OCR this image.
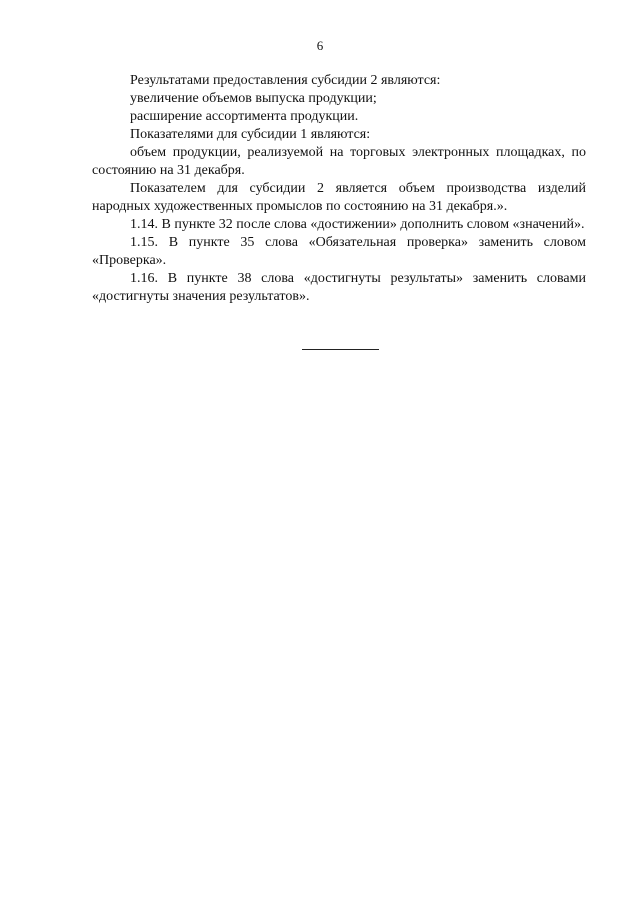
6

Результатами предоставления субсидии 2 являются:

увеличение объемов выпуска продукции;

расширение ассортимента продукции.

Показателями для субсидии 1 являются:

объем продукции, реализуемой на торговых электронных площадках, по состоянию на 31 декабря.

Показателем для субсидии 2 является объем производства изделий народных художественных промыслов по состоянию на 31 декабря.».

1.14. В пункте 32 после слова «достижении» дополнить словом «значений».

1.15. В пункте 35 слова «Обязательная проверка» заменить словом «Проверка».

1.16. В пункте 38 слова «достигнуты результаты» заменить словами «достигнуты значения результатов».
